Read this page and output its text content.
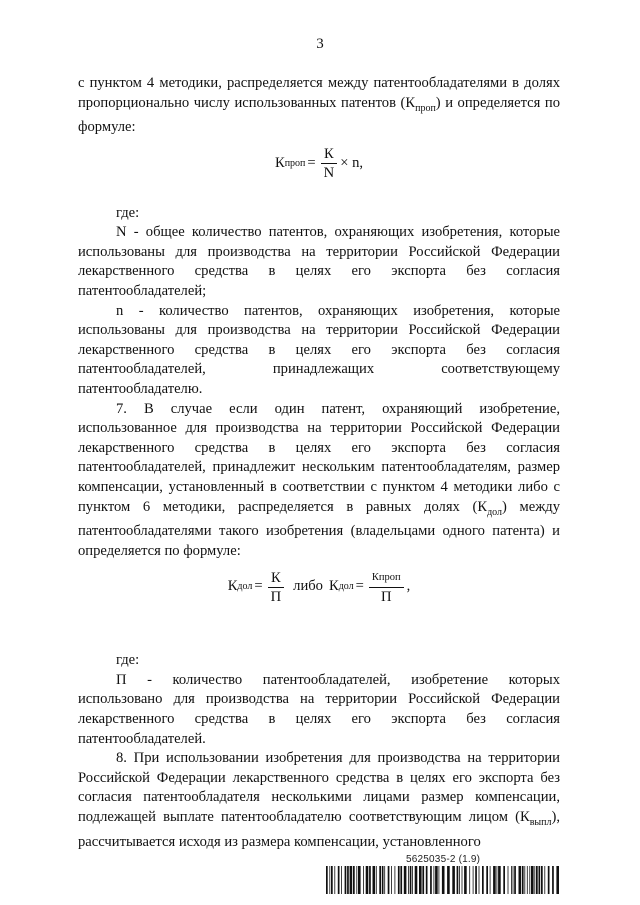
3

с пунктом 4 методики, распределяется между патентообладателями в долях пропорционально числу использованных патентов $(К_{проп})$ и определяется по формуле:

К проп = $\frac{К}{N} \times n$,

где:

N - общее количество патентов, охраняющих изобретения, которые использованы для производства на территории Российской Федерации лекарственного средства в целях его экспорта без согласия патентообладателей;

n - количество патентов, охраняющих изобретения, которые использованы для производства на территории Российской Федерации лекарственного средства в целях его экспорта без согласия патентообладателей, принадлежащих соответствующему патентообладателю.

7. В случае если один патент, охраняющий изобретение, использованное для производства на территории Российской Федерации лекарственного средства в целях его экспорта без согласия патентообладателей, принадлежит нескольким патентообладателям, размер компенсации, установленный в соответствии с пунктом 4 методики либо с пунктом 6 методики, распределяется в равных долях $(К_{дол})$ между патентообладателями такого изобретения (владельцами одного патента) и определяется по формуле:

К дол = $\frac{К}{П}$ либо К дол = $\frac{\text{Кпроп}}{П}$ ,

где:

П - количество патентообладателей, изобретение которых использовано для производства на территории Российской Федерации лекарственного средства в целях его экспорта без согласия патентообладателей.

8. При использовании изобретения для производства на территории Российской Федерации лекарственного средства в целях его экспорта без согласия патентообладателя несколькими лицами размер компенсации, подлежащей выплате патентообладателю соответствующим лицом $(К_{выпл})$, рассчитывается исходя из размера компенсации, установленного

5625035-2 (1.9)
